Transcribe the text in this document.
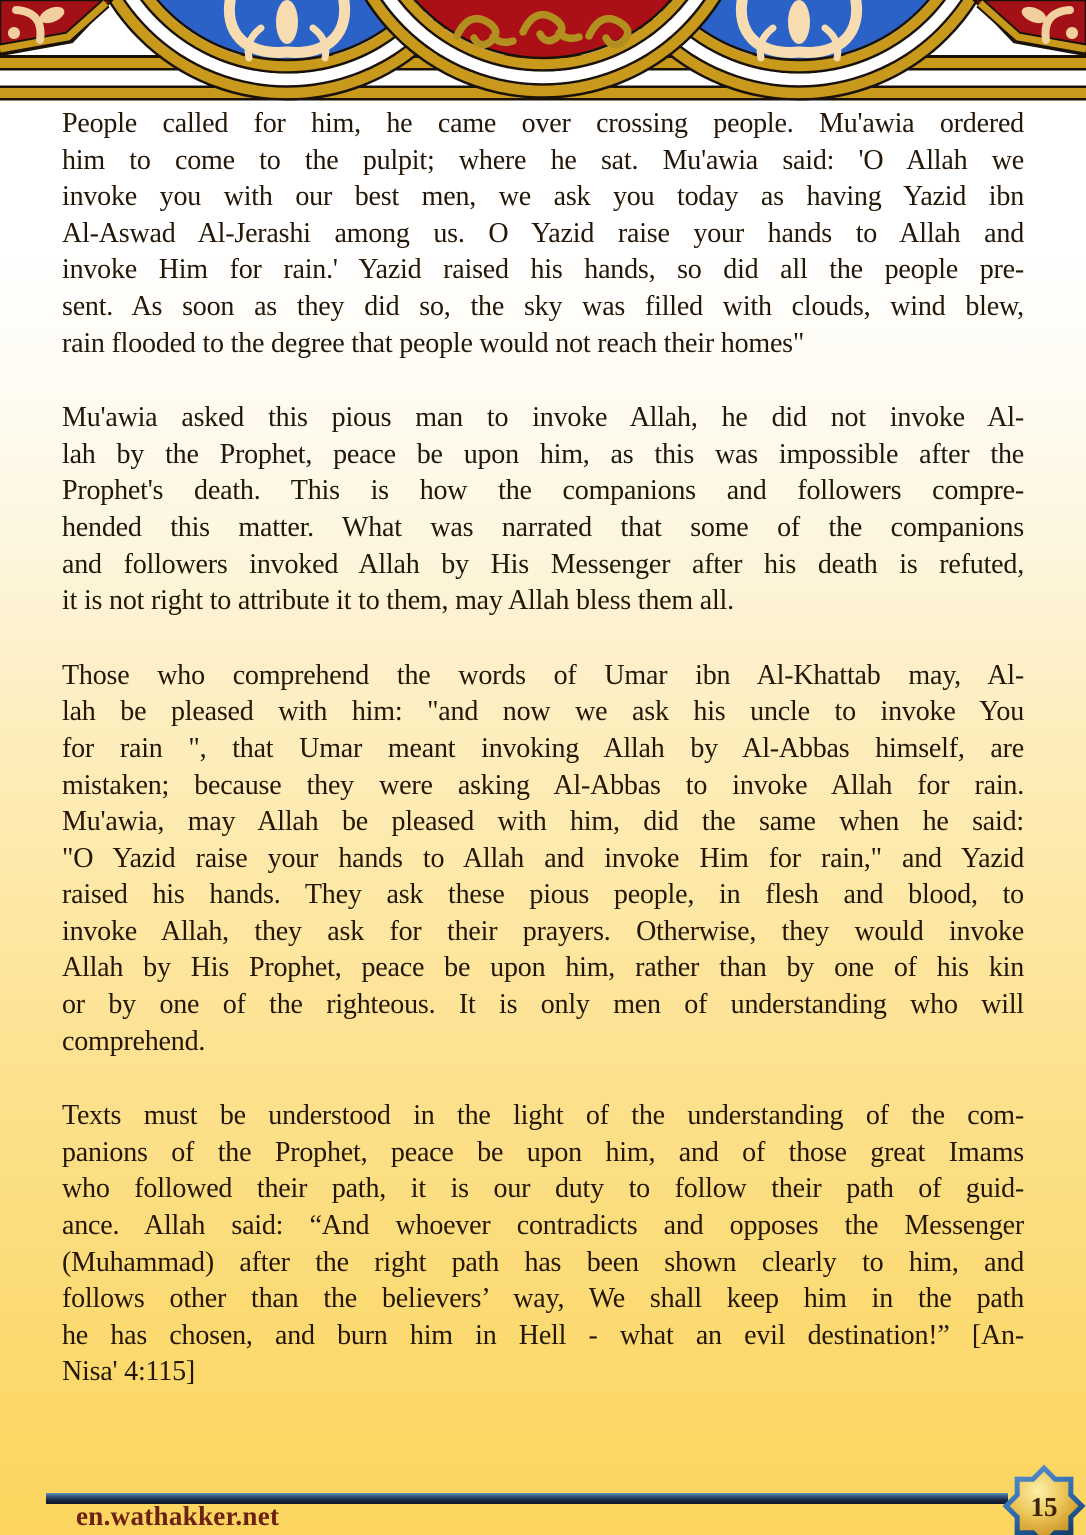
People called for him, he came over crossing people. Mu'awia ordered
him to come to the pulpit; where he sat. Mu'awia said: 'O Allah we
invoke you with our best men, we ask you today as having Yazid ibn
Al-Aswad Al-Jerashi among us. O Yazid raise your hands to Allah and
invoke Him for rain.' Yazid raised his hands, so did all the people pre-
sent. As soon as they did so, the sky was filled with clouds, wind blew,
rain flooded to the degree that people would not reach their homes"
Mu'awia asked this pious man to invoke Allah, he did not invoke Al-
lah by the Prophet, peace be upon him, as this was impossible after the
Prophet's death. This is how the companions and followers compre-
hended this matter. What was narrated that some of the companions
and followers invoked Allah by His Messenger after his death is refuted,
it is not right to attribute it to them, may Allah bless them all.
Those who comprehend the words of Umar ibn Al-Khattab may, Al-
lah be pleased with him: "and now we ask his uncle to invoke You
for rain ", that Umar meant invoking Allah by Al-Abbas himself, are
mistaken; because they were asking Al-Abbas to invoke Allah for rain.
Mu'awia, may Allah be pleased with him, did the same when he said:
"O Yazid raise your hands to Allah and invoke Him for rain," and Yazid
raised his hands. They ask these pious people, in flesh and blood, to
invoke Allah, they ask for their prayers. Otherwise, they would invoke
Allah by His Prophet, peace be upon him, rather than by one of his kin
or by one of the righteous. It is only men of understanding who will
comprehend.
Texts must be understood in the light of the understanding of the com-
panions of the Prophet, peace be upon him, and of those great Imams
who followed their path, it is our duty to follow their path of guid-
ance. Allah said: “And whoever contradicts and opposes the Messenger
(Muhammad) after the right path has been shown clearly to him, and
follows other than the believers’ way, We shall keep him in the path
he has chosen, and burn him in Hell - what an evil destination!” [An-
Nisa' 4:115]
en.wathakker.net	15
